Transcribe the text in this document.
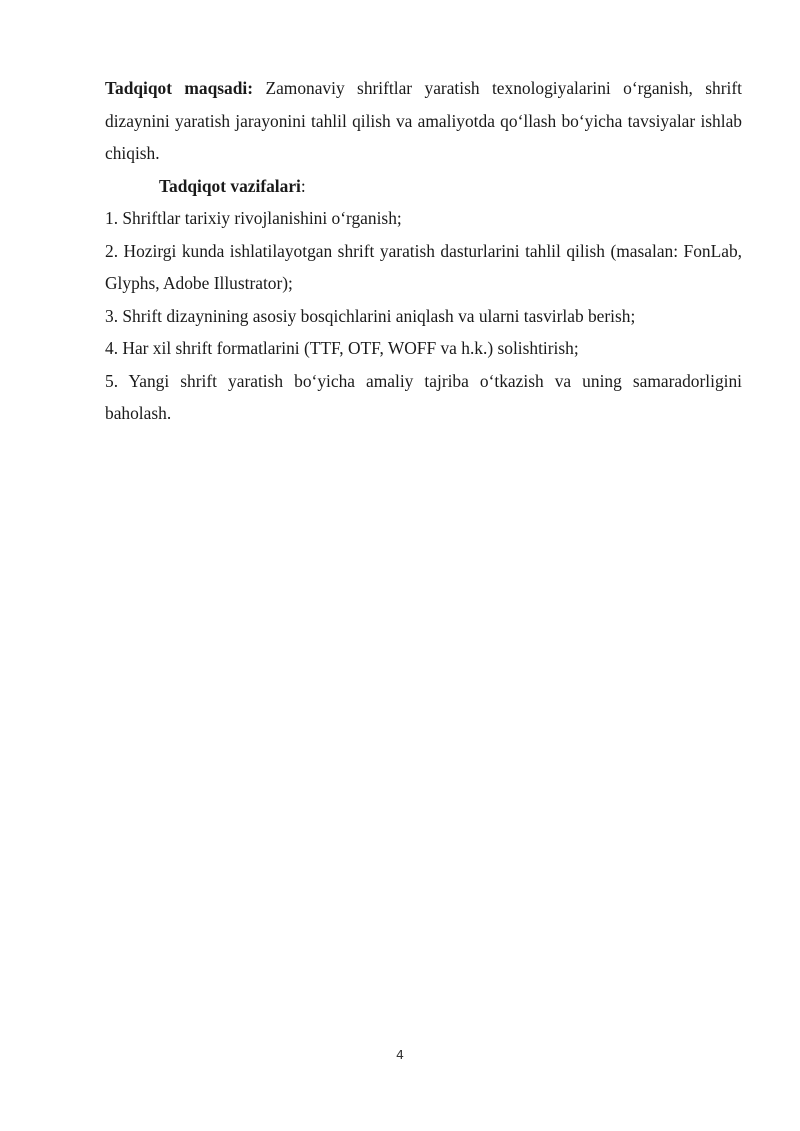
Tadqiqot maqsadi: Zamonaviy shriftlar yaratish texnologiyalarini o‘rganish, shrift dizaynini yaratish jarayonini tahlil qilish va amaliyotda qo‘llash bo‘yicha tavsiyalar ishlab chiqish.

Tadqiqot vazifalari:

1. Shriftlar tarixiy rivojlanishini o‘rganish;

2. Hozirgi kunda ishlatilayotgan shrift yaratish dasturlarini tahlil qilish (masalan: FonLab, Glyphs, Adobe Illustrator);

3. Shrift dizaynining asosiy bosqichlarini aniqlash va ularni tasvirlab berish;

4. Har xil shrift formatlarini (TTF, OTF, WOFF va h.k.) solishtirish;

5. Yangi shrift yaratish bo‘yicha amaliy tajriba o‘tkazish va uning samaradorligini baholash.

4
